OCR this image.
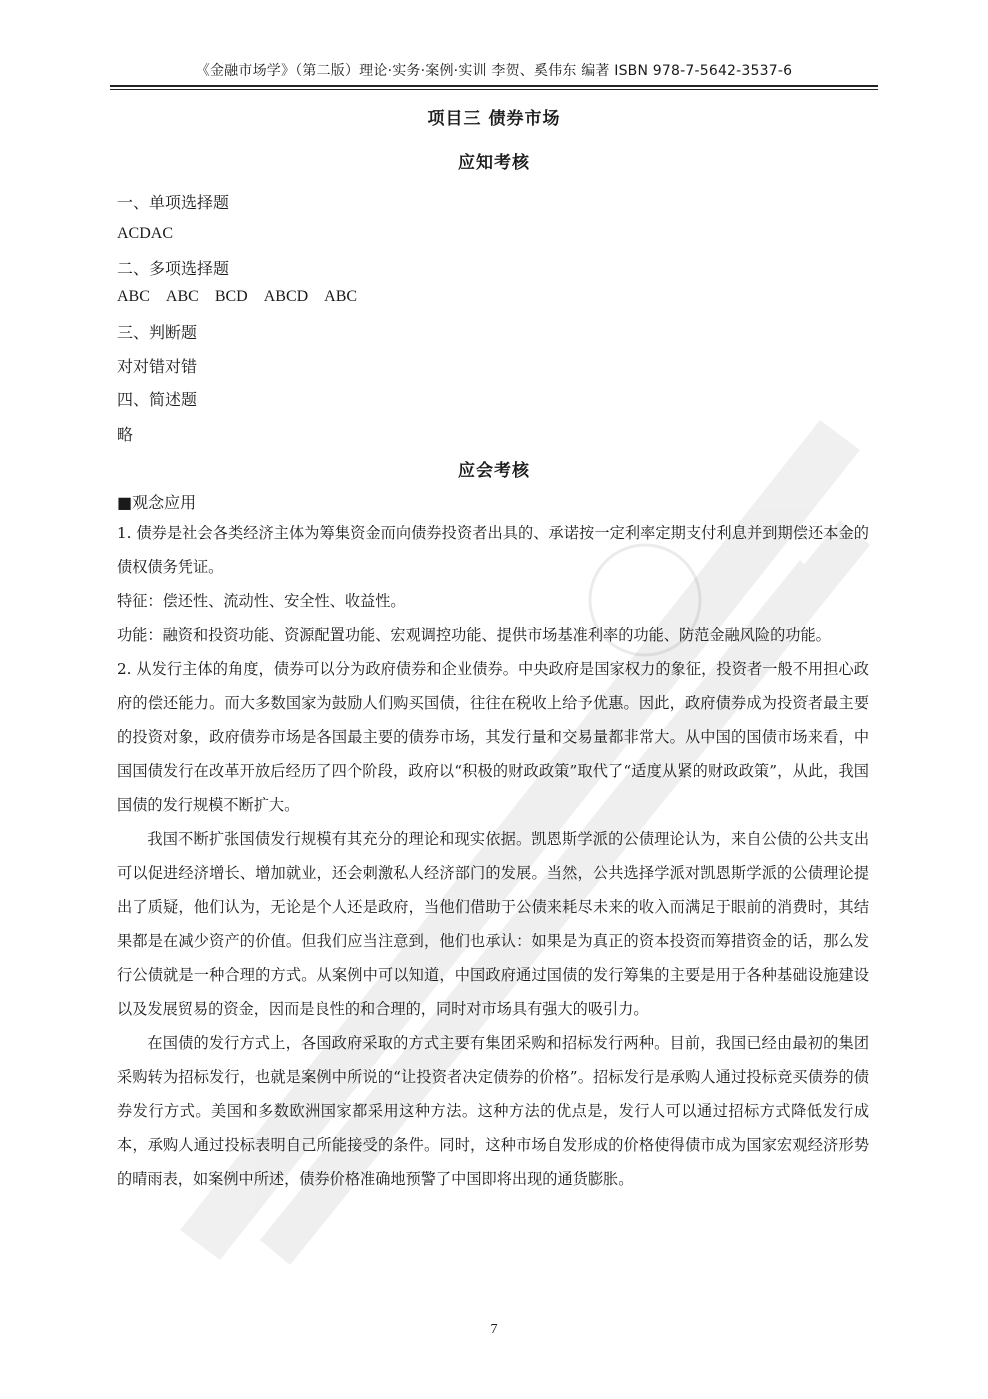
《金融市场学》（第二版）理论·实务·案例·实训 李贺、奚伟东 编著 ISBN 978-7-5642-3537-6
项目三 债券市场
应知考核
一、单项选择题
ACDAC
二、多项选择题
ABC ABC BCD ABCD ABC
三、判断题
对对错对错
四、简述题
略
应会考核
■观念应用

1. 债券是社会各类经济主体为筹集资金而向债券投资者出具的、承诺按一定利率定期支付利息并到期偿还本金的债权债务凭证。

特征：偿还性、流动性、安全性、收益性。

功能：融资和投资功能、资源配置功能、宏观调控功能、提供市场基准利率的功能、防范金融风险的功能。

2. 从发行主体的角度，债券可以分为政府债券和企业债券。中央政府是国家权力的象征，投资者一般不用担心政府的偿还能力。而大多数国家为鼓励人们购买国债，往往在税收上给予优惠。因此，政府债券成为投资者最主要的投资对象，政府债券市场是各国最主要的债券市场，其发行量和交易量都非常大。从中国的国债市场来看，中国国债发行在改革开放后经历了四个阶段，政府以“积极的财政政策”取代了“适度从紧的财政政策”，从此，我国国债的发行规模不断扩大。

我国不断扩张国债发行规模有其充分的理论和现实依据。凯恩斯学派的公债理论认为，来自公债的公共支出可以促进经济增长、增加就业，还会刺激私人经济部门的发展。当然，公共选择学派对凯恩斯学派的公债理论提出了质疑，他们认为，无论是个人还是政府，当他们借助于公债来耗尽未来的收入而满足于眼前的消费时，其结果都是在减少资产的价值。但我们应当注意到，他们也承认：如果是为真正的资本投资而筹措资金的话，那么发行公债就是一种合理的方式。从案例中可以知道，中国政府通过国债的发行筹集的主要是用于各种基础设施建设以及发展贸易的资金，因而是良性的和合理的，同时对市场具有强大的吸引力。

在国债的发行方式上，各国政府采取的方式主要有集团采购和招标发行两种。目前，我国已经由最初的集团采购转为招标发行，也就是案例中所说的“让投资者决定债券的价格”。招标发行是承购人通过投标竞买债券的债券发行方式。美国和多数欧洲国家都采用这种方法。这种方法的优点是，发行人可以通过招标方式降低发行成本，承购人通过投标表明自己所能接受的条件。同时，这种市场自发形成的价格使得债市成为国家宏观经济形势的晴雨表，如案例中所述，债券价格准确地预警了中国即将出现的通货膨胀。

7
